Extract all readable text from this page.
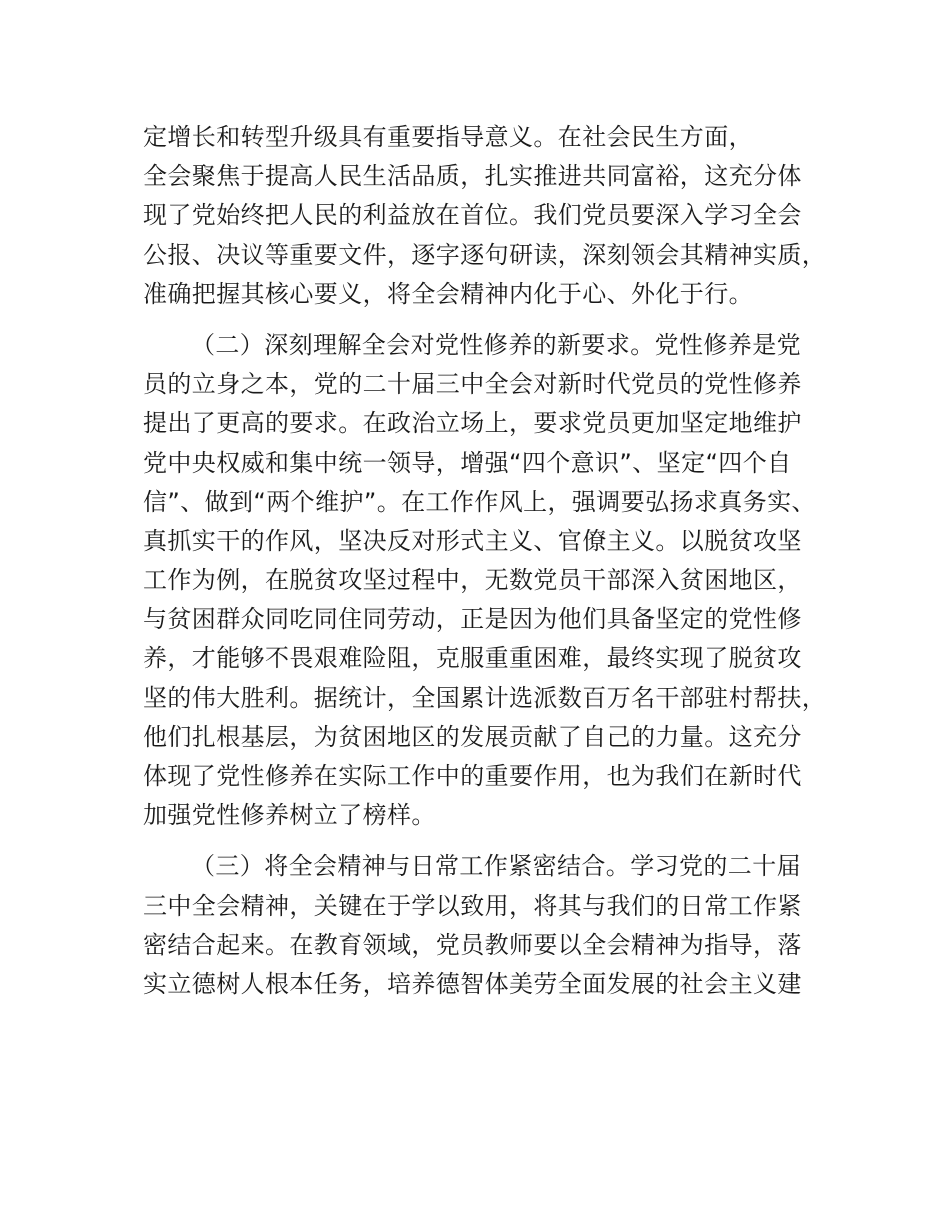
定增长和转型升级具有重要指导意义。在社会民生方面，
全会聚焦于提高人民生活品质，扎实推进共同富裕，这充分体
现了党始终把人民的利益放在首位。我们党员要深入学习全会
公报、决议等重要文件，逐字逐句研读，深刻领会其精神实质，
准确把握其核心要义，将全会精神内化于心、外化于行。
（二）深刻理解全会对党性修养的新要求。党性修养是党
员的立身之本，党的二十届三中全会对新时代党员的党性修养
提出了更高的要求。在政治立场上，要求党员更加坚定地维护
党中央权威和集中统一领导，增强“四个意识”、坚定“四个自
信”、做到“两个维护”。在工作作风上，强调要弘扬求真务实、
真抓实干的作风，坚决反对形式主义、官僚主义。以脱贫攻坚
工作为例，在脱贫攻坚过程中，无数党员干部深入贫困地区，
与贫困群众同吃同住同劳动，正是因为他们具备坚定的党性修
养，才能够不畏艰难险阻，克服重重困难，最终实现了脱贫攻
坚的伟大胜利。据统计，全国累计选派数百万名干部驻村帮扶，
他们扎根基层，为贫困地区的发展贡献了自己的力量。这充分
体现了党性修养在实际工作中的重要作用，也为我们在新时代
加强党性修养树立了榜样。
（三）将全会精神与日常工作紧密结合。学习党的二十届
三中全会精神，关键在于学以致用，将其与我们的日常工作紧
密结合起来。在教育领域，党员教师要以全会精神为指导，落
实立德树人根本任务，培养德智体美劳全面发展的社会主义建
